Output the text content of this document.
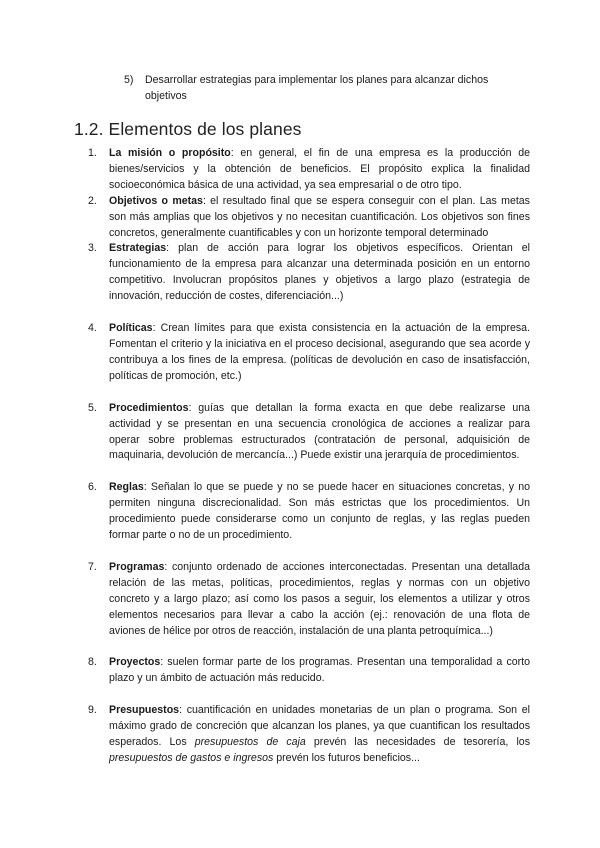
5) Desarrollar estrategias para implementar los planes para alcanzar dichos objetivos
1.2. Elementos de los planes
1. La misión o propósito: en general, el fin de una empresa es la producción de bienes/servicios y la obtención de beneficios. El propósito explica la finalidad socioeconómica básica de una actividad, ya sea empresarial o de otro tipo.
2. Objetivos o metas: el resultado final que se espera conseguir con el plan. Las metas son más amplias que los objetivos y no necesitan cuantificación. Los objetivos son fines concretos, generalmente cuantificables y con un horizonte temporal determinado
3. Estrategias: plan de acción para lograr los objetivos específicos. Orientan el funcionamiento de la empresa para alcanzar una determinada posición en un entorno competitivo. Involucran propósitos planes y objetivos a largo plazo (estrategia de innovación, reducción de costes, diferenciación...)
4. Políticas: Crean límites para que exista consistencia en la actuación de la empresa. Fomentan el criterio y la iniciativa en el proceso decisional, asegurando que sea acorde y contribuya a los fines de la empresa. (políticas de devolución en caso de insatisfacción, políticas de promoción, etc.)
5. Procedimientos: guías que detallan la forma exacta en que debe realizarse una actividad y se presentan en una secuencia cronológica de acciones a realizar para operar sobre problemas estructurados (contratación de personal, adquisición de maquinaria, devolución de mercancía...) Puede existir una jerarquía de procedimientos.
6. Reglas: Señalan lo que se puede y no se puede hacer en situaciones concretas, y no permiten ninguna discrecionalidad. Son más estrictas que los procedimientos. Un procedimiento puede considerarse como un conjunto de reglas, y las reglas pueden formar parte o no de un procedimiento.
7. Programas: conjunto ordenado de acciones interconectadas. Presentan una detallada relación de las metas, políticas, procedimientos, reglas y normas con un objetivo concreto y a largo plazo; así como los pasos a seguir, los elementos a utilizar y otros elementos necesarios para llevar a cabo la acción (ej.: renovación de una flota de aviones de hélice por otros de reacción, instalación de una planta petroquímica...)
8. Proyectos: suelen formar parte de los programas. Presentan una temporalidad a corto plazo y un ámbito de actuación más reducido.
9. Presupuestos: cuantificación en unidades monetarias de un plan o programa. Son el máximo grado de concreción que alcanzan los planes, ya que cuantifican los resultados esperados. Los presupuestos de caja prevén las necesidades de tesorería, los presupuestos de gastos e ingresos prevén los futuros beneficios...
